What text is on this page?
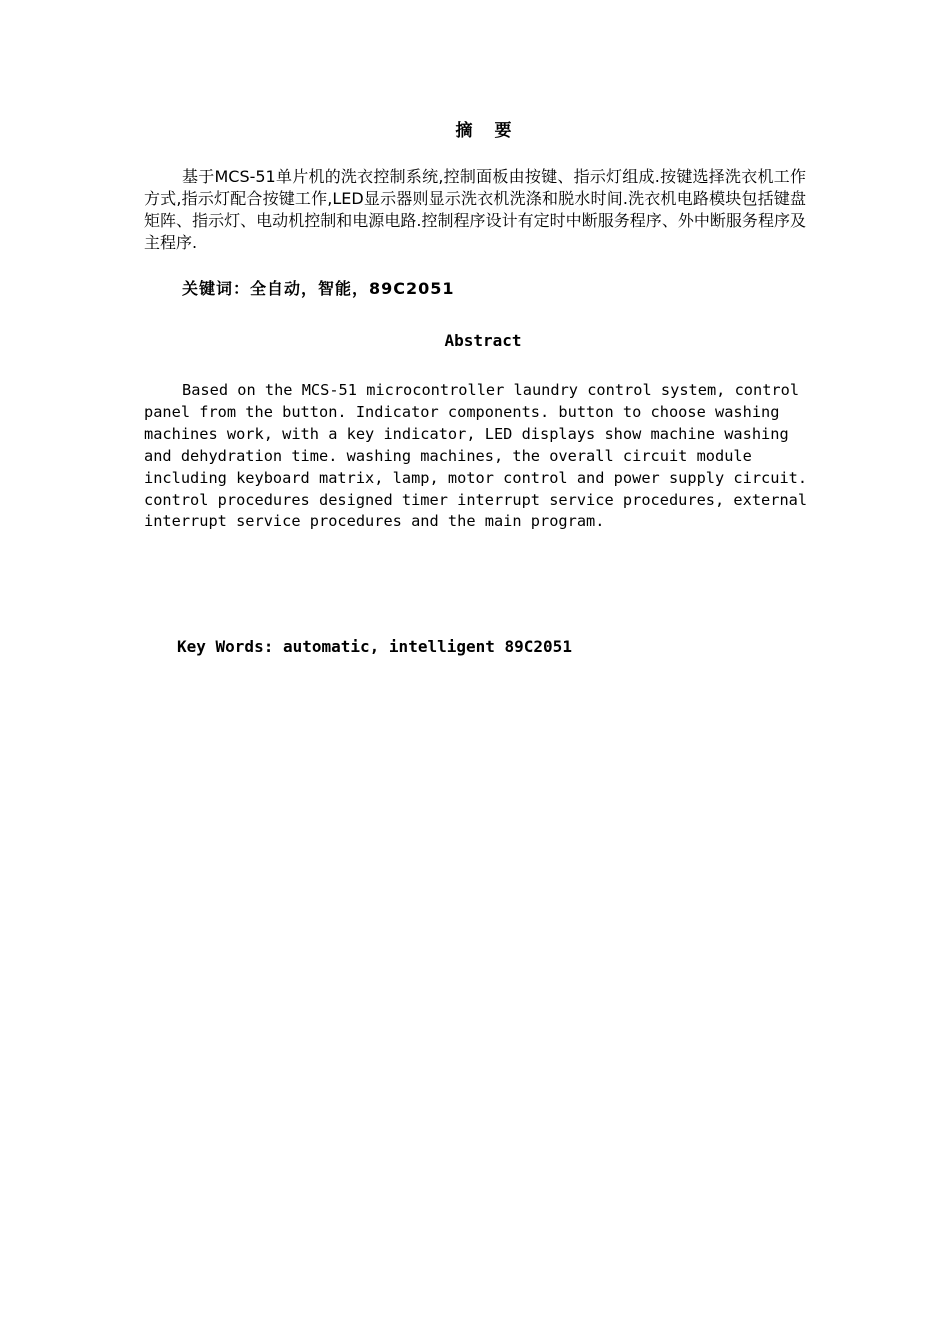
摘 要

基于MCS-51单片机的洗衣控制系统,控制面板由按键、指示灯组成.按键选择洗衣机工作方式,指示灯配合按键工作,LED显示器则显示洗衣机洗涤和脱水时间.洗衣机电路模块包括键盘矩阵、指示灯、电动机控制和电源电路.控制程序设计有定时中断服务程序、外中断服务程序及主程序.

关键词：全自动，智能，89C2051
Abstract

Based on the MCS-51 microcontroller laundry control system, control panel from the button. Indicator components. button to choose washing machines work, with a key indicator, LED displays show machine washing and dehydration time. washing machines, the overall circuit module including keyboard matrix, lamp, motor control and power supply circuit. control procedures designed timer interrupt service procedures, external interrupt service procedures and the main program.

Key Words: automatic, intelligent 89C2051
